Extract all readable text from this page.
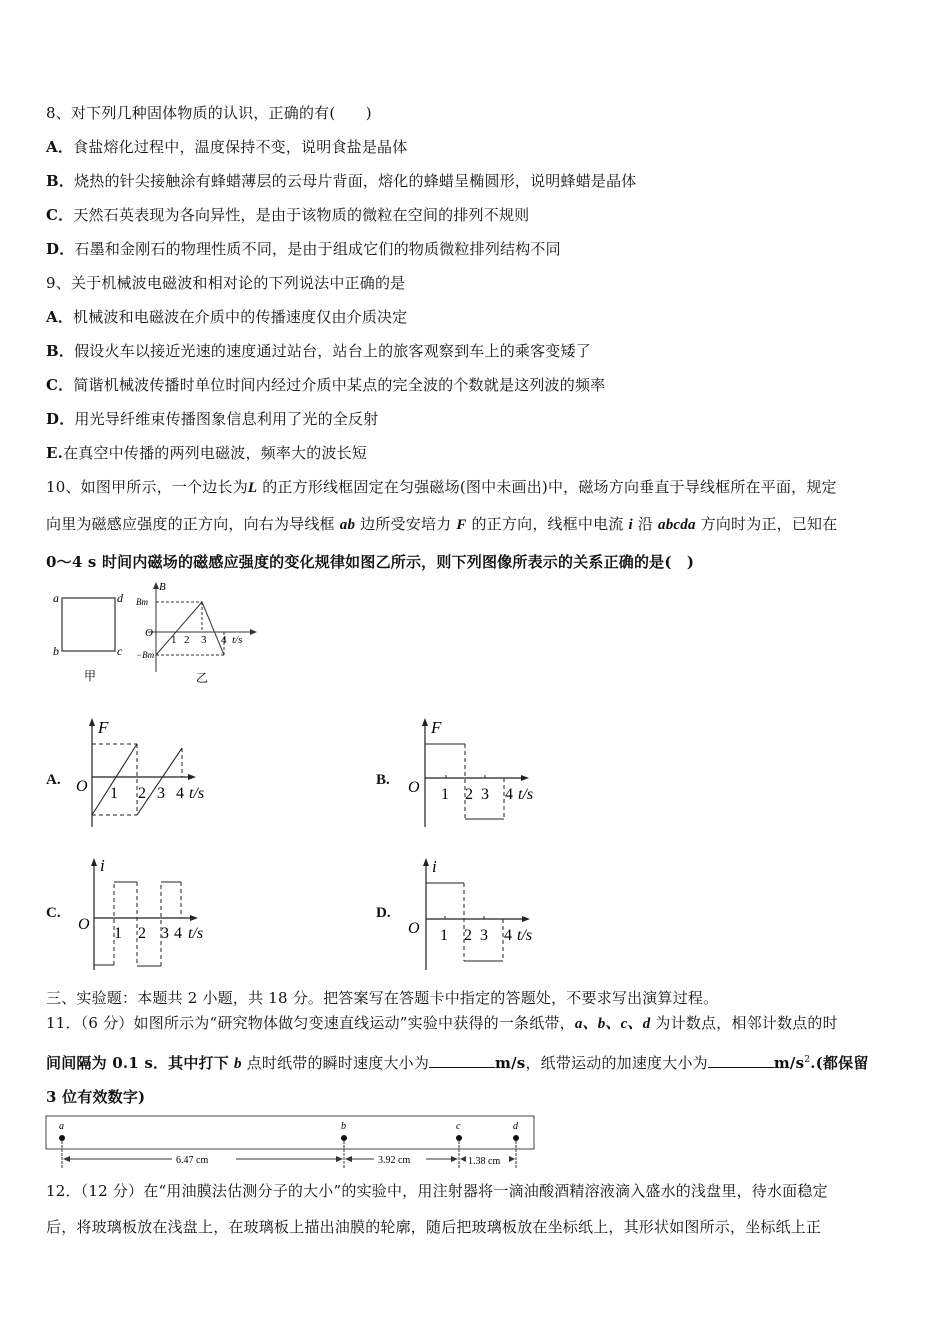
8、对下列几种固体物质的认识，正确的有(　　)
A．食盐熔化过程中，温度保持不变，说明食盐是晶体
B．烧热的针尖接触涂有蜂蜡薄层的云母片背面，熔化的蜂蜡呈椭圆形，说明蜂蜡是晶体
C．天然石英表现为各向异性，是由于该物质的微粒在空间的排列不规则
D．石墨和金刚石的物理性质不同，是由于组成它们的物质微粒排列结构不同
9、关于机械波电磁波和相对论的下列说法中正确的是
A．机械波和电磁波在介质中的传播速度仅由介质决定
B．假设火车以接近光速的速度通过站台，站台上的旅客观察到车上的乘客变矮了
C．简谐机械波传播时单位时间内经过介质中某点的完全波的个数就是这列波的频率
D．用光导纤维束传播图象信息利用了光的全反射
E.在真空中传播的两列电磁波，频率大的波长短
10、如图甲所示，一个边长为L 的正方形线框固定在匀强磁场(图中未画出)中，磁场方向垂直于导线框所在平面，规定
向里为磁感应强度的正方向，向右为导线框 ab 边所受安培力 F 的正方向，线框中电流 i 沿 abcda 方向时为正，已知在
0～4 s 时间内磁场的磁感应强度的变化规律如图乙所示，则下列图像所表示的关系正确的是(　)
a	d
b	c
甲
B
Bm
−Bm
O
1 2 3 4 t/s
乙
A.
F
O 1 2 3 4 t/s
B.
F
O 1 2 3 4 t/s
C.
i
O
1 2 3 4 t/s
D.
i
O 1 2 3 4 t/s
三、实验题：本题共 2 小题，共 18 分。把答案写在答题卡中指定的答题处，不要求写出演算过程。
11．（6 分）如图所示为“研究物体做匀变速直线运动”实验中获得的一条纸带，a、b、c、d 为计数点，相邻计数点的时
间间隔为 0.1 s．其中打下 b 点时纸带的瞬时速度大小为	m/s，纸带运动的加速度大小为	$m/s^2$.(都保留
3 位有效数字)
a	b	c	d
6.47 cm	3.92 cm	1.38 cm
12．（12 分）在“用油膜法估测分子的大小”的实验中，用注射器将一滴油酸酒精溶液滴入盛水的浅盘里，待水面稳定
后，将玻璃板放在浅盘上，在玻璃板上描出油膜的轮廓，随后把玻璃板放在坐标纸上，其形状如图所示，坐标纸上正
